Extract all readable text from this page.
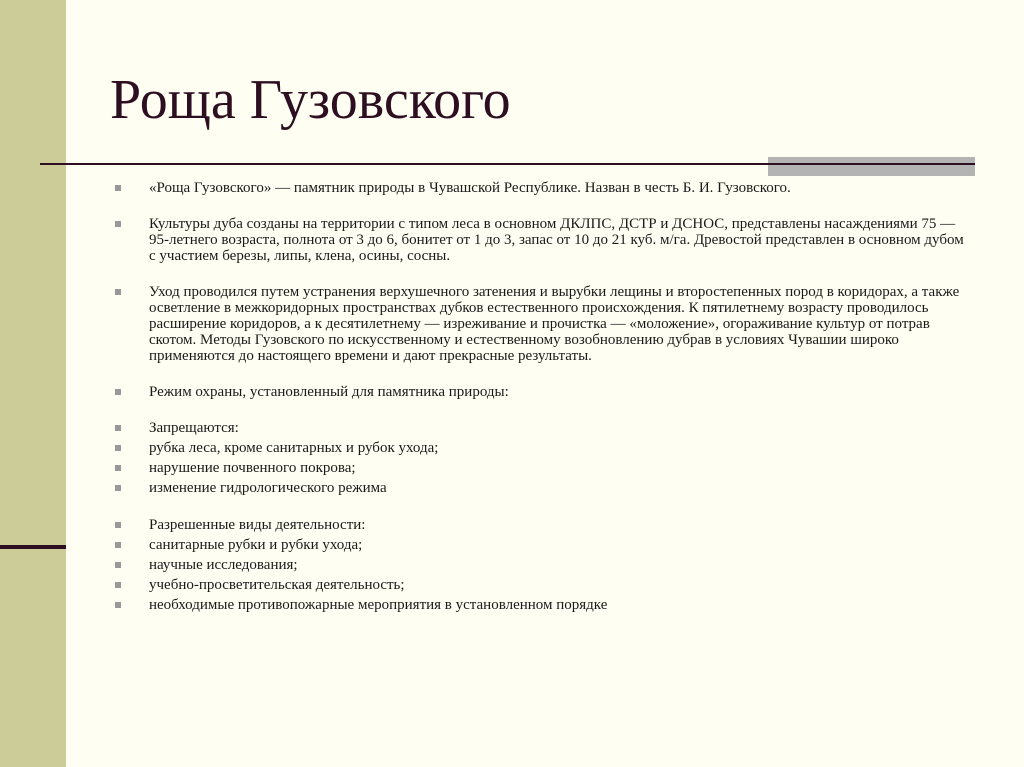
Роща Гузовского
«Роща Гузовского» — памятник природы в Чувашской Республике. Назван в честь Б. И. Гузовского.
Культуры дуба созданы на территории с типом леса в основном ДКЛПС, ДСТР и ДСНОС, представлены насаждениями 75 — 95-летнего возраста, полнота от 3 до 6, бонитет от 1 до 3, запас от 10 до 21 куб. м/га. Древостой представлен в основном дубом с участием березы, липы, клена, осины, сосны.
Уход проводился путем устранения верхушечного затенения и вырубки лещины и второстепенных пород в коридорах, а также осветление в межкоридорных пространствах дубков естественного происхождения. К пятилетнему возрасту проводилось расширение коридоров, а к десятилетнему — изреживание и прочистка — «моложение», огораживание культур от потрав скотом. Методы Гузовского по искусственному и естественному возобновлению дубрав в условиях Чувашии широко применяются до настоящего времени и дают прекрасные результаты.
Режим охраны, установленный для памятника природы:
Запрещаются:
рубка леса, кроме санитарных и рубок ухода;
нарушение почвенного покрова;
изменение гидрологического режима
Разрешенные виды деятельности:
санитарные рубки и рубки ухода;
научные исследования;
учебно-просветительская деятельность;
необходимые противопожарные мероприятия в установленном порядке
